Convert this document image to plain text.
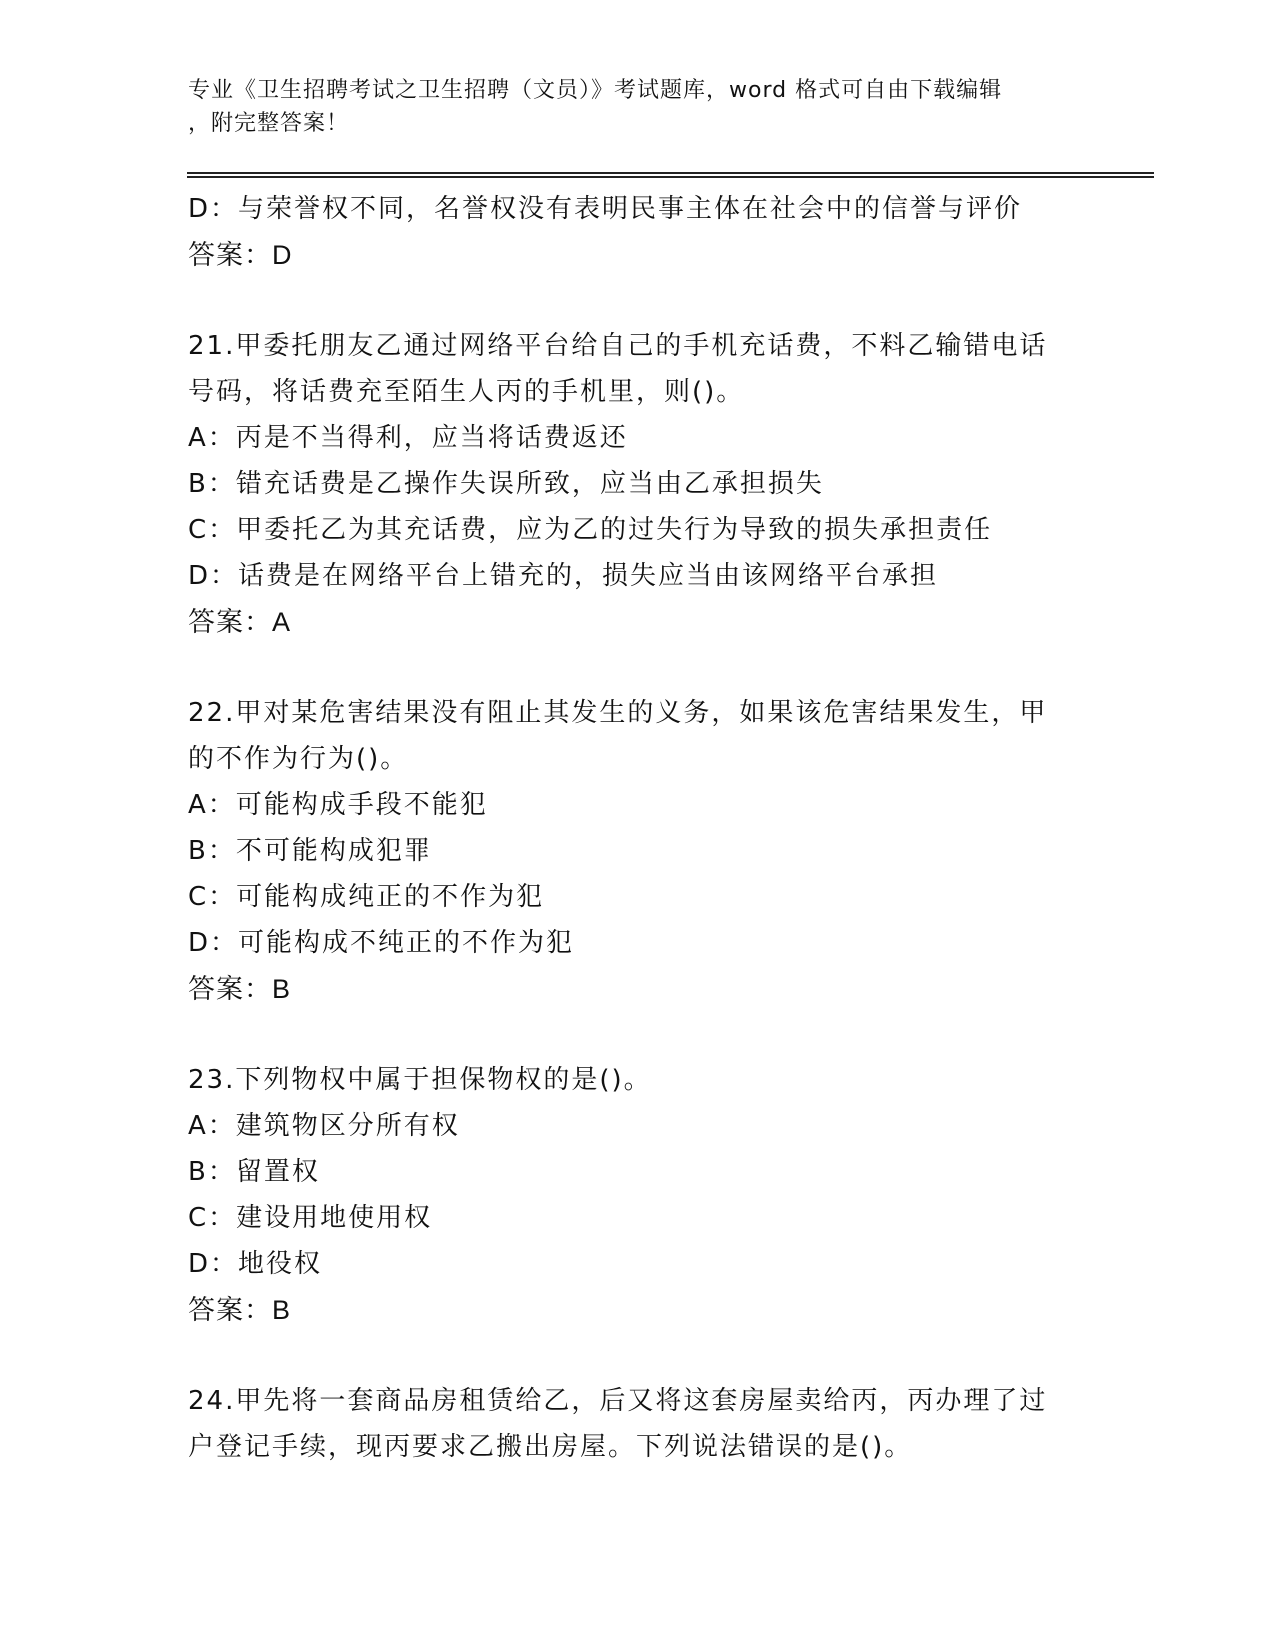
专业《卫生招聘考试之卫生招聘（文员）》考试题库，word 格式可自由下载编辑
，附完整答案！
D：与荣誉权不同，名誉权没有表明民事主体在社会中的信誉与评价
答案：D
21.甲委托朋友乙通过网络平台给自己的手机充话费，不料乙输错电话
号码，将话费充至陌生人丙的手机里，则()。
A：丙是不当得利，应当将话费返还
B：错充话费是乙操作失误所致，应当由乙承担损失
C：甲委托乙为其充话费，应为乙的过失行为导致的损失承担责任
D：话费是在网络平台上错充的，损失应当由该网络平台承担
答案：A
22.甲对某危害结果没有阻止其发生的义务，如果该危害结果发生，甲
的不作为行为()。
A：可能构成手段不能犯
B：不可能构成犯罪
C：可能构成纯正的不作为犯
D：可能构成不纯正的不作为犯
答案：B
23.下列物权中属于担保物权的是()。
A：建筑物区分所有权
B：留置权
C：建设用地使用权
D：地役权
答案：B
24.甲先将一套商品房租赁给乙，后又将这套房屋卖给丙，丙办理了过
户登记手续，现丙要求乙搬出房屋。下列说法错误的是()。
